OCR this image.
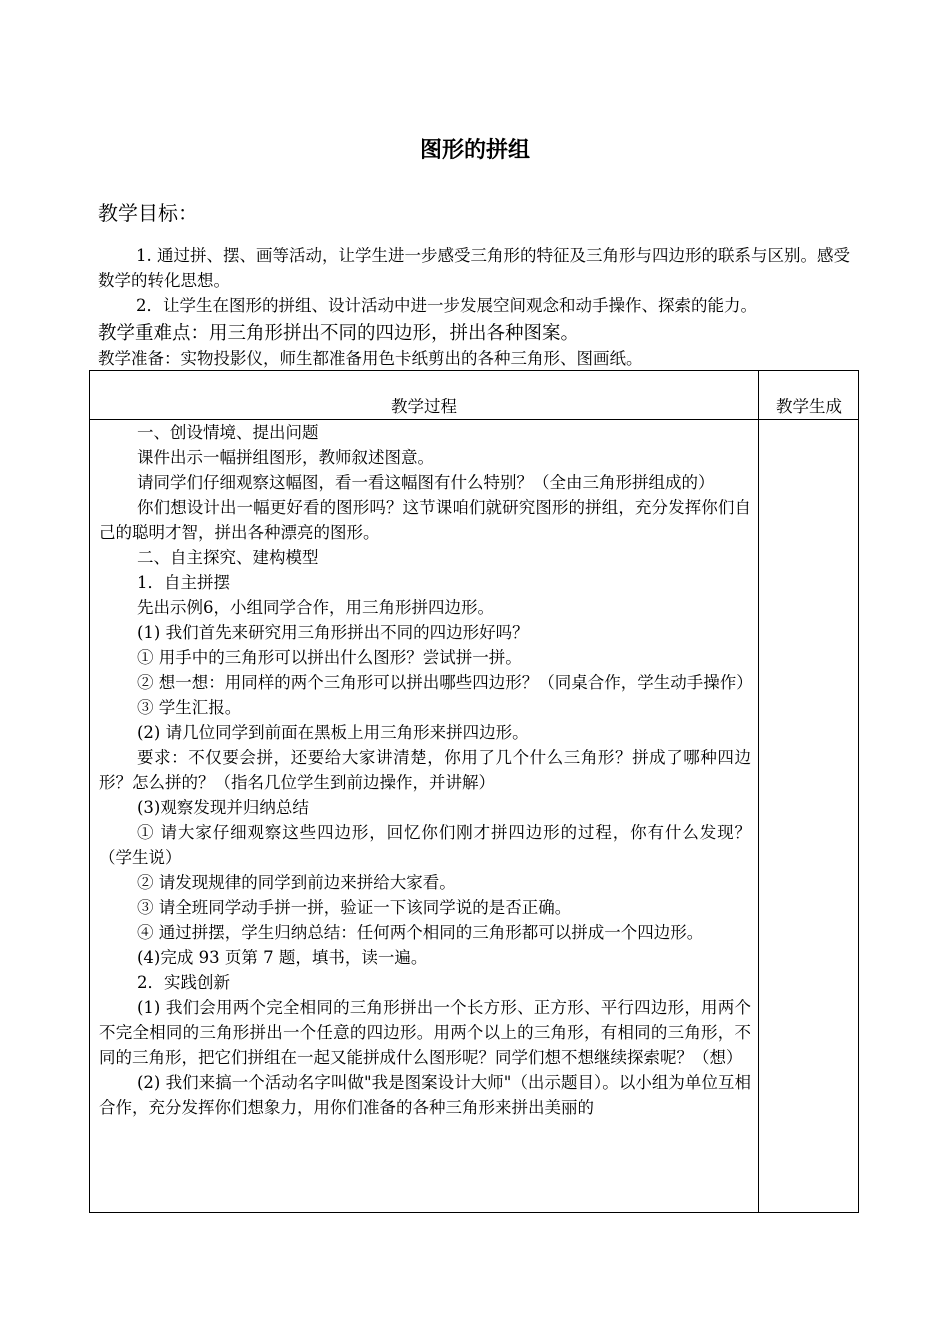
图形的拼组
教学目标：
1. 通过拼、摆、画等活动，让学生进一步感受三角形的特征及三角形与四边形的联系与区别。感受数学的转化思想。
2．让学生在图形的拼组、设计活动中进一步发展空间观念和动手操作、探索的能力。
教学重难点：用三角形拼出不同的四边形，拼出各种图案。
教学准备：实物投影仪，师生都准备用色卡纸剪出的各种三角形、图画纸。
教学过程	教学生成

一、创设情境、提出问题

课件出示一幅拼组图形，教师叙述图意。

请同学们仔细观察这幅图，看一看这幅图有什么特别？（全由三角形拼组成的）

你们想设计出一幅更好看的图形吗？这节课咱们就研究图形的拼组，充分发挥你们自己的聪明才智，拼出各种漂亮的图形。

二、自主探究、建构模型

1．自主拼摆

先出示例6，小组同学合作，用三角形拼四边形。

(1) 我们首先来研究用三角形拼出不同的四边形好吗？

① 用手中的三角形可以拼出什么图形？尝试拼一拼。

② 想一想：用同样的两个三角形可以拼出哪些四边形？（同桌合作，学生动手操作）

③ 学生汇报。

(2) 请几位同学到前面在黑板上用三角形来拼四边形。

要求：不仅要会拼，还要给大家讲清楚，你用了几个什么三角形？拼成了哪种四边形？怎么拼的？（指名几位学生到前边操作，并讲解）

(3)观察发现并归纳总结

① 请大家仔细观察这些四边形，回忆你们刚才拼四边形的过程，你有什么发现？（学生说）

② 请发现规律的同学到前边来拼给大家看。

③ 请全班同学动手拼一拼，验证一下该同学说的是否正确。

④ 通过拼摆，学生归纳总结：任何两个相同的三角形都可以拼成一个四边形。

(4)完成 93 页第 7 题，填书，读一遍。

2．实践创新

(1) 我们会用两个完全相同的三角形拼出一个长方形、正方形、平行四边形，用两个不完全相同的三角形拼出一个任意的四边形。用两个以上的三角形，有相同的三角形，不同的三角形，把它们拼组在一起又能拼成什么图形呢？同学们想不想继续探索呢？（想）

(2) 我们来搞一个活动名字叫做"我是图案设计大师"（出示题目）。以小组为单位互相合作，充分发挥你们想象力，用你们准备的各种三角形来拼出美丽的
